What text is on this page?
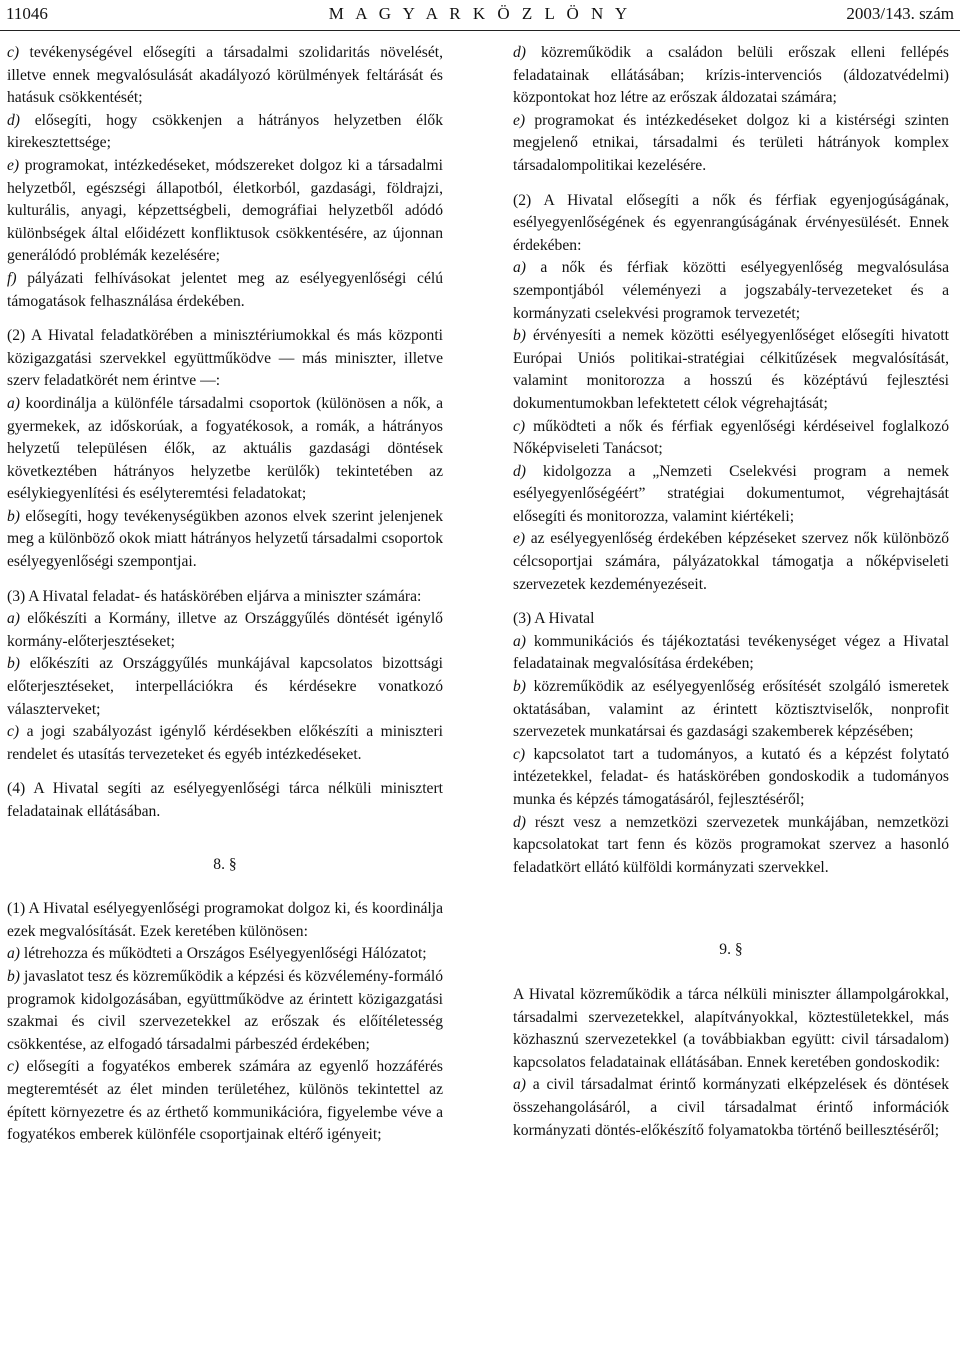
11046	M A G Y A R K Ö Z L Ö N Y	2003/143. szám

c) tevékenységével elősegíti a társadalmi szolidaritás növelését, illetve ennek megvalósulását akadályozó körülmények feltárását és hatásuk csökkentését;

d) elősegíti, hogy csökkenjen a hátrányos helyzetben élők kirekesztettsége;

e) programokat, intézkedéseket, módszereket dolgoz ki a társadalmi helyzetből, egészségi állapotból, életkorból, gazdasági, földrajzi, kulturális, anyagi, képzettségbeli, demográfiai helyzetből adódó különbségek által előidézett konfliktusok csökkentésére, az újonnan generálódó problémák kezelésére;

f) pályázati felhívásokat jelentet meg az esélyegyenlőségi célú támogatások felhasználása érdekében.

(2) A Hivatal feladatkörében a minisztériumokkal és más központi közigazgatási szervekkel együttműködve — más miniszter, illetve szerv feladatkörét nem érintve —:

a) koordinálja a különféle társadalmi csoportok (különösen a nők, a gyermekek, az időskorúak, a fogyatékosok, a romák, a hátrányos helyzetű településen élők, az aktuális gazdasági döntések következtében hátrányos helyzetbe kerülők) tekintetében az esélykiegyenlítési és esélyteremtési feladatokat;

b) elősegíti, hogy tevékenységükben azonos elvek szerint jelenjenek meg a különböző okok miatt hátrányos helyzetű társadalmi csoportok esélyegyenlőségi szempontjai.

(3) A Hivatal feladat- és hatáskörében eljárva a miniszter számára:

a) előkészíti a Kormány, illetve az Országgyűlés döntését igénylő kormány-előterjesztéseket;

b) előkészíti az Országgyűlés munkájával kapcsolatos bizottsági előterjesztéseket, interpellációkra és kérdésekre vonatkozó választerveket;

c) a jogi szabályozást igénylő kérdésekben előkészíti a miniszteri rendelet és utasítás tervezeteket és egyéb intézkedéseket.

(4) A Hivatal segíti az esélyegyenlőségi tárca nélküli minisztert feladatainak ellátásában.

8. §

(1) A Hivatal esélyegyenlőségi programokat dolgoz ki, és koordinálja ezek megvalósítását. Ezek keretében különösen:

a) létrehozza és működteti a Országos Esélyegyenlőségi Hálózatot;

b) javaslatot tesz és közreműködik a képzési és közvélemény-formáló programok kidolgozásában, együttműködve az érintett közigazgatási szakmai és civil szervezetekkel az erőszak és előítéletesség csökkentése, az elfogadó társadalmi párbeszéd érdekében;

c) elősegíti a fogyatékos emberek számára az egyenlő hozzáférés megteremtését az élet minden területéhez, különös tekintettel az épített környezetre és az érthető kommunikációra, figyelembe véve a fogyatékos emberek különféle csoportjainak eltérő igényeit;

d) közreműködik a családon belüli erőszak elleni fellépés feladatainak ellátásában; krízis-intervenciós (áldozatvédelmi) központokat hoz létre az erőszak áldozatai számára;

e) programokat és intézkedéseket dolgoz ki a kistérségi szinten megjelenő etnikai, társadalmi és területi hátrányok komplex társadalompolitikai kezelésére.

(2) A Hivatal elősegíti a nők és férfiak egyenjogúságának, esélyegyenlőségének és egyenrangúságának érvényesülését. Ennek érdekében:

a) a nők és férfiak közötti esélyegyenlőség megvalósulása szempontjából véleményezi a jogszabály-tervezeteket és a kormányzati cselekvési programok tervezetét;

b) érvényesíti a nemek közötti esélyegyenlőséget elősegíti hivatott Európai Uniós politikai-stratégiai célkitűzések megvalósítását, valamint monitorozza a hosszú és középtávú fejlesztési dokumentumokban lefektetett célok végrehajtását;

c) működteti a nők és férfiak egyenlőségi kérdéseivel foglalkozó Nőképviseleti Tanácsot;

d) kidolgozza a „Nemzeti Cselekvési program a nemek esélyegyenlőségéért” stratégiai dokumentumot, végrehajtását elősegíti és monitorozza, valamint kiértékeli;

e) az esélyegyenlőség érdekében képzéseket szervez nők különböző célcsoportjai számára, pályázatokkal támogatja a nőképviseleti szervezetek kezdeményezéseit.

(3) A Hivatal

a) kommunikációs és tájékoztatási tevékenységet végez a Hivatal feladatainak megvalósítása érdekében;

b) közreműködik az esélyegyenlőség erősítését szolgáló ismeretek oktatásában, valamint az érintett köztisztviselők, nonprofit szervezetek munkatársai és gazdasági szakemberek képzésében;

c) kapcsolatot tart a tudományos, a kutató és a képzést folytató intézetekkel, feladat- és hatáskörében gondoskodik a tudományos munka és képzés támogatásáról, fejlesztéséről;

d) részt vesz a nemzetközi szervezetek munkájában, nemzetközi kapcsolatokat tart fenn és közös programokat szervez a hasonló feladatkört ellátó külföldi kormányzati szervekkel.

9. §

A Hivatal közreműködik a tárca nélküli miniszter állampolgárokkal, társadalmi szervezetekkel, alapítványokkal, köztestületekkel, más közhasznú szervezetekkel (a továbbiakban együtt: civil társadalom) kapcsolatos feladatainak ellátásában. Ennek keretében gondoskodik:

a) a civil társadalmat érintő kormányzati elképzelések és döntések összehangolásáról, a civil társadalmat érintő információk kormányzati döntés-előkészítő folyamatokba történő beillesztéséről;
